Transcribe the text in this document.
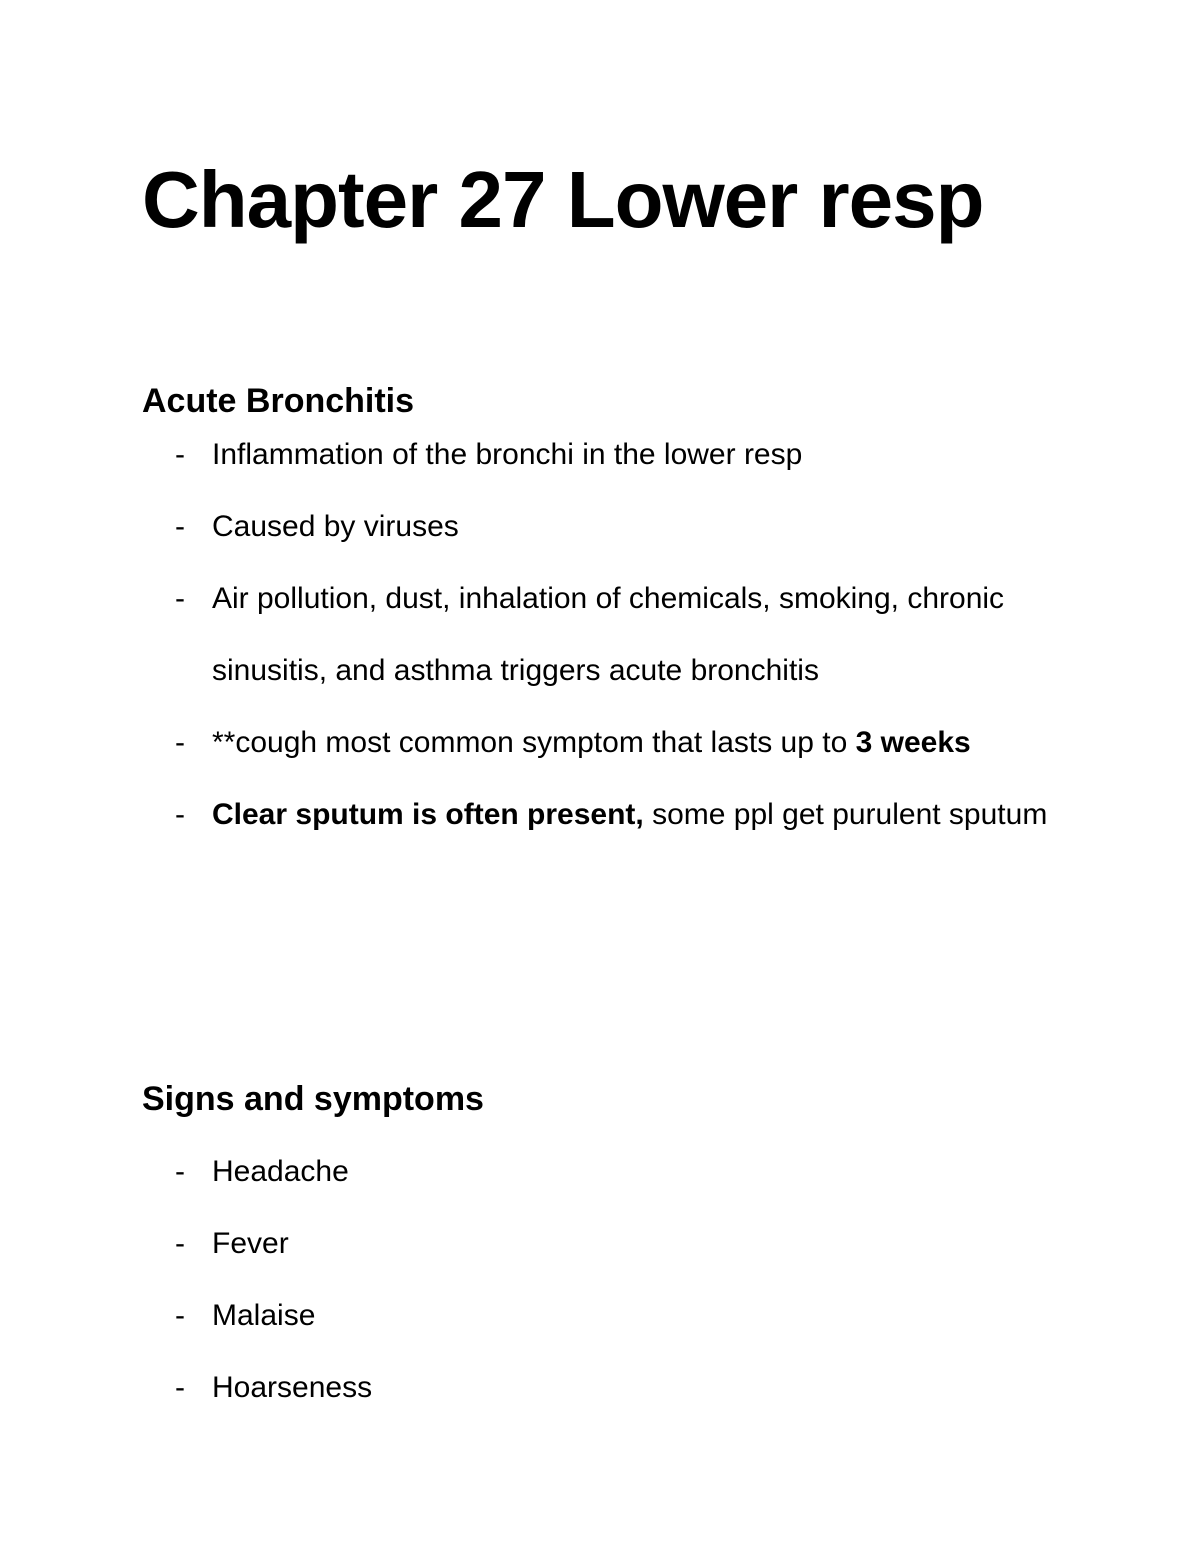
Chapter 27 Lower resp
Acute Bronchitis
- Inflammation of the bronchi in the lower resp
- Caused by viruses
- Air pollution, dust, inhalation of chemicals, smoking, chronic sinusitis, and asthma triggers acute bronchitis
- **cough most common symptom that lasts up to 3 weeks
- Clear sputum is often present, some ppl get purulent sputum
Signs and symptoms
- Headache
- Fever
- Malaise
- Hoarseness
